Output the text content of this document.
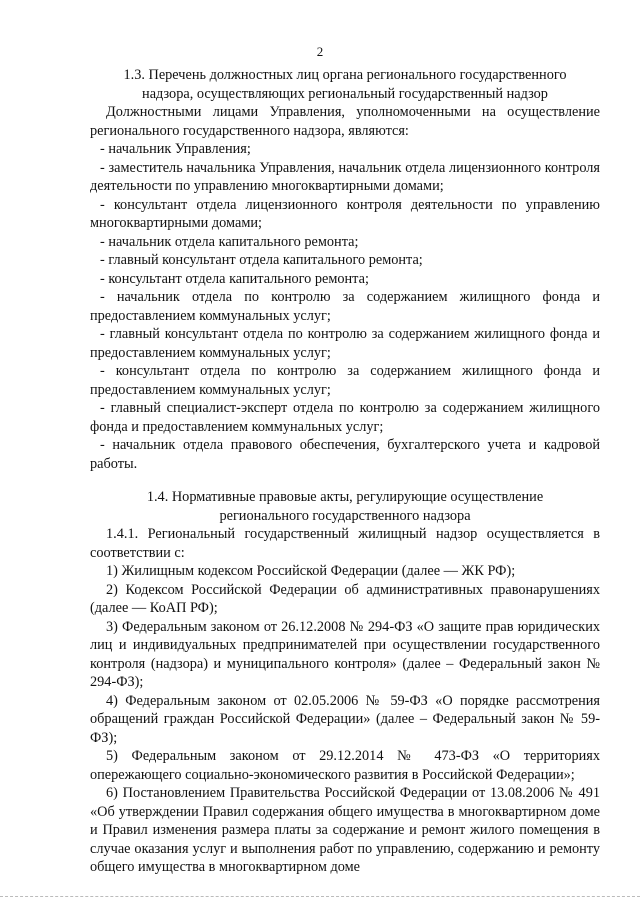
2
1.3. Перечень должностных лиц органа регионального государственного
надзора, осуществляющих региональный государственный надзор

Должностными лицами Управления, уполномоченными на осуществление регионального государственного надзора, являются:

- начальник Управления;

- заместитель начальника Управления, начальник отдела лицензионного контроля деятельности по управлению многоквартирными домами;

- консультант отдела лицензионного контроля деятельности по управлению многоквартирными домами;

- начальник отдела капитального ремонта;

- главный консультант отдела капитального ремонта;

- консультант отдела капитального ремонта;

- начальник отдела по контролю за содержанием жилищного фонда и предоставлением коммунальных услуг;

- главный консультант отдела по контролю за содержанием жилищного фонда и предоставлением коммунальных услуг;

- консультант отдела по контролю за содержанием жилищного фонда и предоставлением коммунальных услуг;

- главный специалист-эксперт отдела по контролю за содержанием жилищного фонда и предоставлением коммунальных услуг;

- начальник отдела правового обеспечения, бухгалтерского учета и кадровой работы.

1.4. Нормативные правовые акты, регулирующие осуществление
регионального государственного надзора

1.4.1. Региональный государственный жилищный надзор осуществляется в соответствии с:

1) Жилищным кодексом Российской Федерации (далее — ЖК РФ);

2) Кодексом Российской Федерации об административных правонарушениях (далее — КоАП РФ);

3) Федеральным законом от 26.12.2008 № 294-ФЗ «О защите прав юридических лиц и индивидуальных предпринимателей при осуществлении государственного контроля (надзора) и муниципального контроля» (далее – Федеральный закон № 294-ФЗ);

4) Федеральным законом от 02.05.2006 № 59-ФЗ «О порядке рассмотрения обращений граждан Российской Федерации» (далее – Федеральный закон № 59-ФЗ);

5) Федеральным законом от 29.12.2014 № 473-ФЗ «О территориях опережающего социально-экономического развития в Российской Федерации»;

6) Постановлением Правительства Российской Федерации от 13.08.2006 № 491 «Об утверждении Правил содержания общего имущества в многоквартирном доме и Правил изменения размера платы за содержание и ремонт жилого помещения в случае оказания услуг и выполнения работ по управлению, содержанию и ремонту общего имущества в многоквартирном доме
